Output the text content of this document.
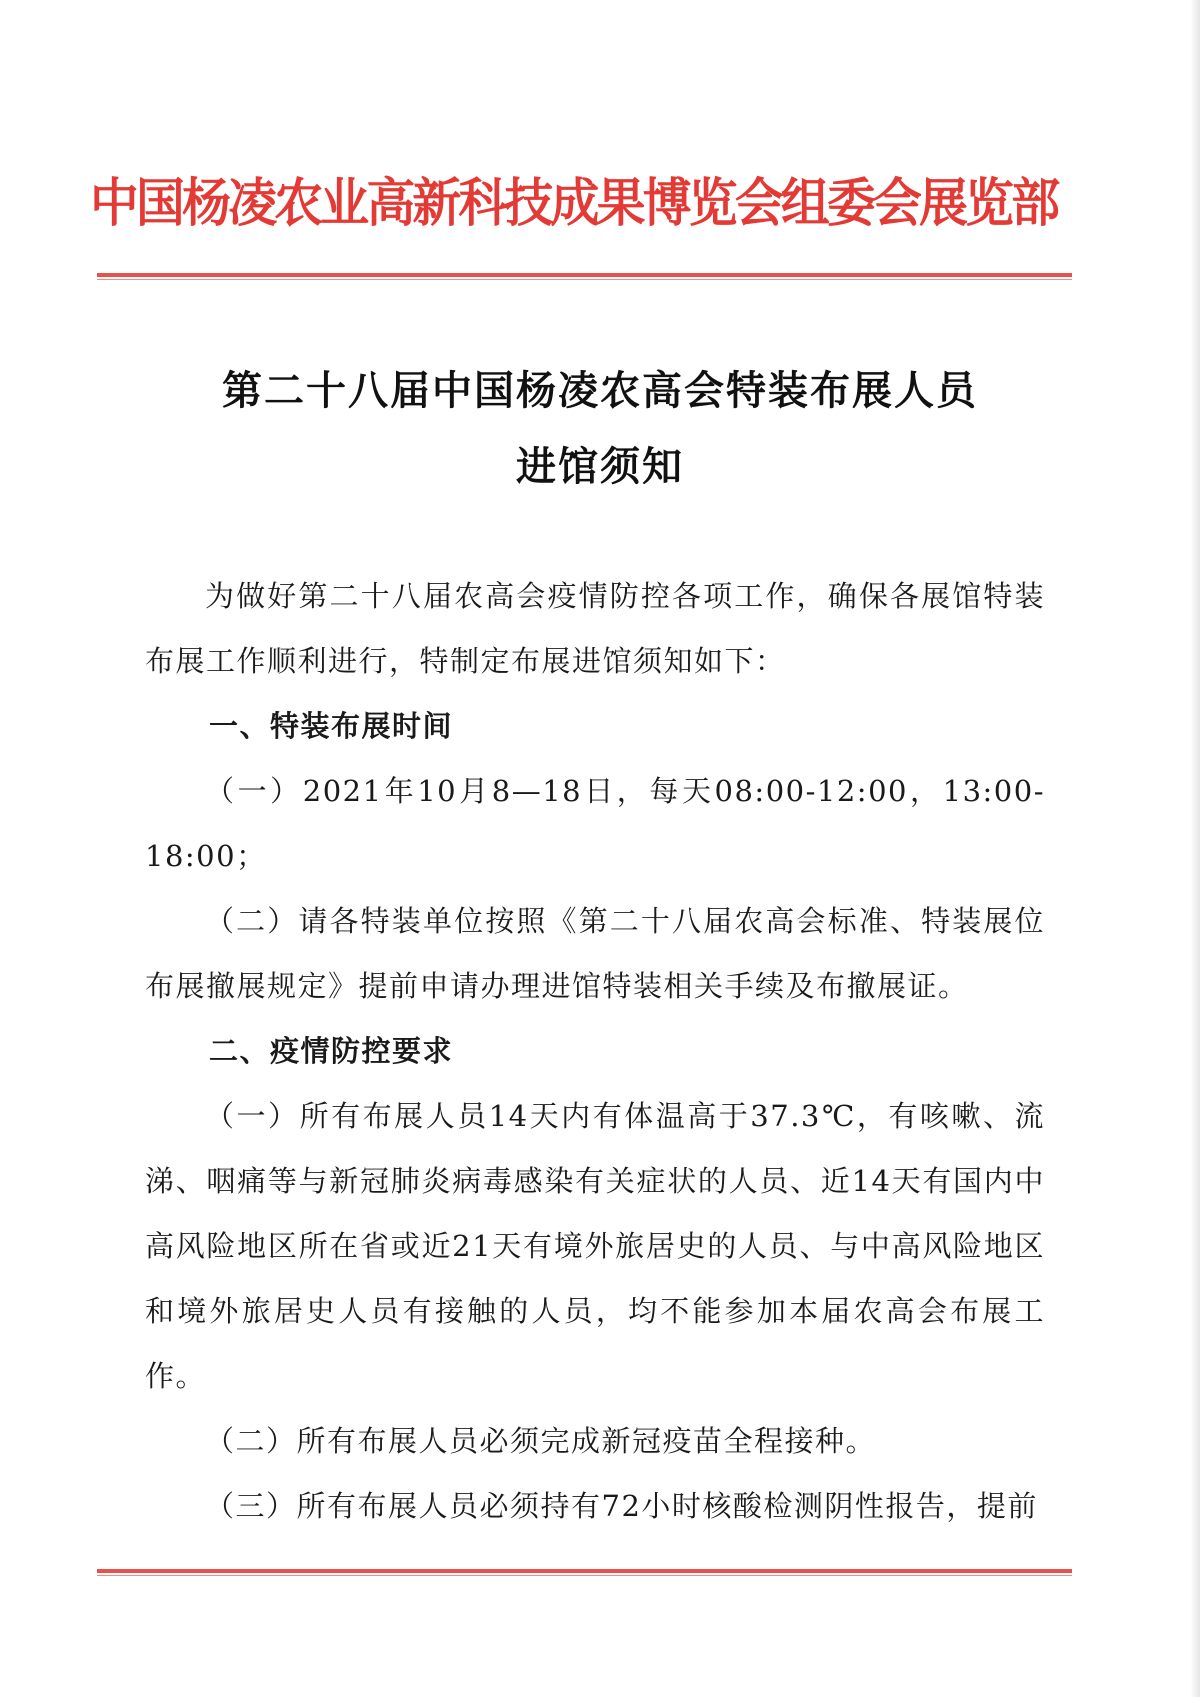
中国杨凌农业高新科技成果博览会组委会展览部
第二十八届中国杨凌农高会特装布展人员
进馆须知

为做好第二十八届农高会疫情防控各项工作，确保各展馆特装布展工作顺利进行，特制定布展进馆须知如下：

一、特装布展时间

（一）2021年10月8—18日，每天08:00-12:00，13:00-18:00；

（二）请各特装单位按照《第二十八届农高会标准、特装展位布展撤展规定》提前申请办理进馆特装相关手续及布撤展证。

二、疫情防控要求

（一）所有布展人员14天内有体温高于37.3℃，有咳嗽、流涕、咽痛等与新冠肺炎病毒感染有关症状的人员、近14天有国内中高风险地区所在省或近21天有境外旅居史的人员、与中高风险地区和境外旅居史人员有接触的人员，均不能参加本届农高会布展工作。

（二）所有布展人员必须完成新冠疫苗全程接种。

（三）所有布展人员必须持有72小时核酸检测阴性报告，提前
